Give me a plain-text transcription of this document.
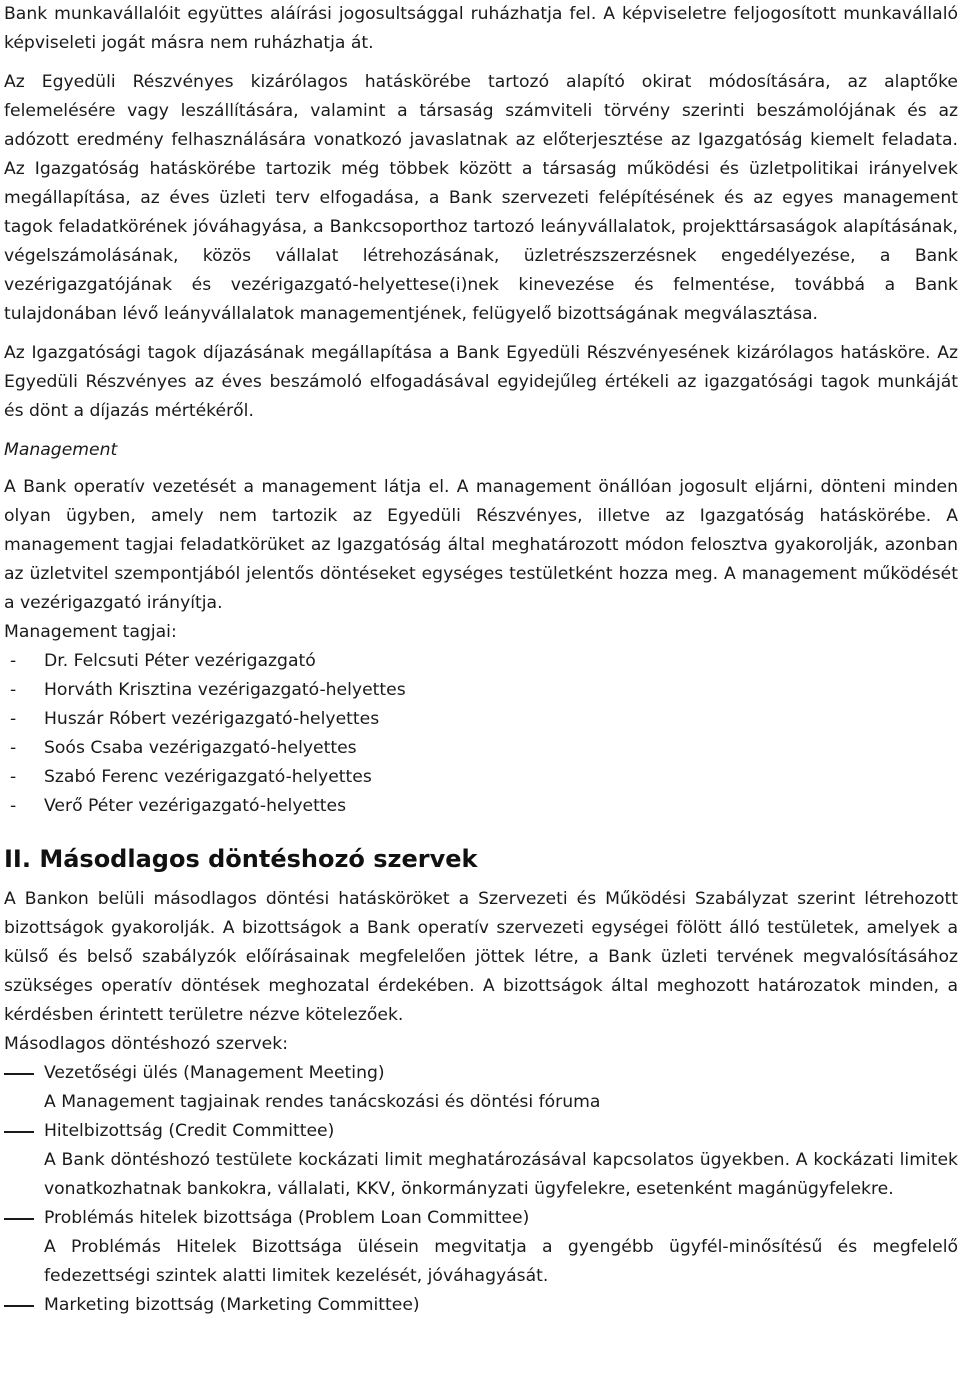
Bank munkavállalóit együttes aláírási jogosultsággal ruházhatja fel. A képviseletre feljogosított munkavállaló képviseleti jogát másra nem ruházhatja át.

Az Egyedüli Részvényes kizárólagos hatáskörébe tartozó alapító okirat módosítására, az alaptőke felemelésére vagy leszállítására, valamint a társaság számviteli törvény szerinti beszámolójának és az adózott eredmény felhasználására vonatkozó javaslatnak az előterjesztése az Igazgatóság kiemelt feladata. Az Igazgatóság hatáskörébe tartozik még többek között a társaság működési és üzletpolitikai irányelvek megállapítása, az éves üzleti terv elfogadása, a Bank szervezeti felépítésének és az egyes management tagok feladatkörének jóváhagyása, a Bankcsoporthoz tartozó leányvállalatok, projekttársaságok alapításának, végelszámolásának, közös vállalat létrehozásának, üzletrészszerzésnek engedélyezése, a Bank vezérigazgatójának és vezérigazgató-helyettese(i)nek kinevezése és felmentése, továbbá a Bank tulajdonában lévő leányvállalatok managementjének, felügyelő bizottságának megválasztása.

Az Igazgatósági tagok díjazásának megállapítása a Bank Egyedüli Részvényesének kizárólagos hatásköre. Az Egyedüli Részvényes az éves beszámoló elfogadásával egyidejűleg értékeli az igazgatósági tagok munkáját és dönt a díjazás mértékéről.

Management

A Bank operatív vezetését a management látja el. A management önállóan jogosult eljárni, dönteni minden olyan ügyben, amely nem tartozik az Egyedüli Részvényes, illetve az Igazgatóság hatáskörébe. A management tagjai feladatkörüket az Igazgatóság által meghatározott módon felosztva gyakorolják, azonban az üzletvitel szempontjából jelentős döntéseket egységes testületként hozza meg. A management működését a vezérigazgató irányítja.

Management tagjai:
- Dr. Felcsuti Péter vezérigazgató
- Horváth Krisztina vezérigazgató-helyettes
- Huszár Róbert vezérigazgató-helyettes
- Soós Csaba vezérigazgató-helyettes
- Szabó Ferenc vezérigazgató-helyettes
- Verő Péter vezérigazgató-helyettes
II. Másodlagos döntéshozó szervek

A Bankon belüli másodlagos döntési hatásköröket a Szervezeti és Működési Szabályzat szerint létrehozott bizottságok gyakorolják. A bizottságok a Bank operatív szervezeti egységei fölött álló testületek, amelyek a külső és belső szabályzók előírásainak megfelelően jöttek létre, a Bank üzleti tervének megvalósításához szükséges operatív döntések meghozatal érdekében. A bizottságok által meghozott határozatok minden, a kérdésben érintett területre nézve kötelezőek.

Másodlagos döntéshozó szervek:
Vezetőségi ülés (Management Meeting)
A Management tagjainak rendes tanácskozási és döntési fóruma
Hitelbizottság (Credit Committee)
A Bank döntéshozó testülete kockázati limit meghatározásával kapcsolatos ügyekben. A kockázati limitek vonatkozhatnak bankokra, vállalati, KKV, önkormányzati ügyfelekre, esetenként magánügyfelekre.
Problémás hitelek bizottsága (Problem Loan Committee)
A Problémás Hitelek Bizottsága ülésein megvitatja a gyengébb ügyfél-minősítésű és megfelelő fedezettségi szintek alatti limitek kezelését, jóváhagyását.
Marketing bizottság (Marketing Committee)
